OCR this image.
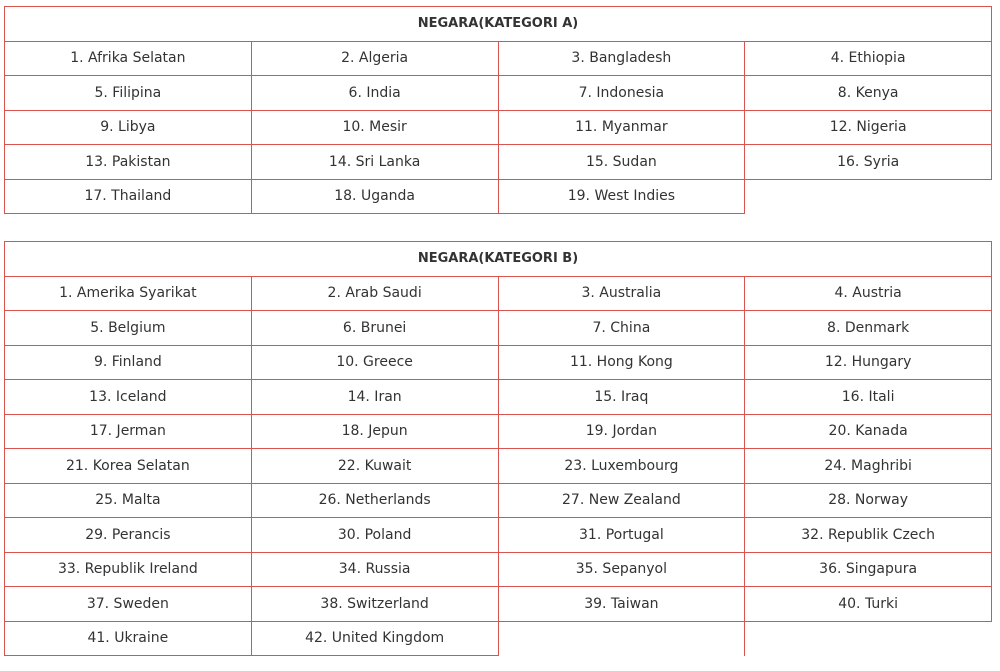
NEGARA(KATEGORI A)			
1. Afrika Selatan	2. Algeria	3. Bangladesh	4. Ethiopia
5. Filipina	6. India	7. Indonesia	8. Kenya
9. Libya	10. Mesir	11. Myanmar	12. Nigeria
13. Pakistan	14. Sri Lanka	15. Sudan	16. Syria
17. Thailand	18. Uganda	19. West Indies	
NEGARA(KATEGORI B)			
1. Amerika Syarikat	2. Arab Saudi	3. Australia	4. Austria
5. Belgium	6. Brunei	7. China	8. Denmark
9. Finland	10. Greece	11. Hong Kong	12. Hungary
13. Iceland	14. Iran	15. Iraq	16. Itali
17. Jerman	18. Jepun	19. Jordan	20. Kanada
21. Korea Selatan	22. Kuwait	23. Luxembourg	24. Maghribi
25. Malta	26. Netherlands	27. New Zealand	28. Norway
29. Perancis	30. Poland	31. Portugal	32. Republik Czech
33. Republik Ireland	34. Russia	35. Sepanyol	36. Singapura
37. Sweden	38. Switzerland	39. Taiwan	40. Turki
41. Ukraine	42. United Kingdom		
